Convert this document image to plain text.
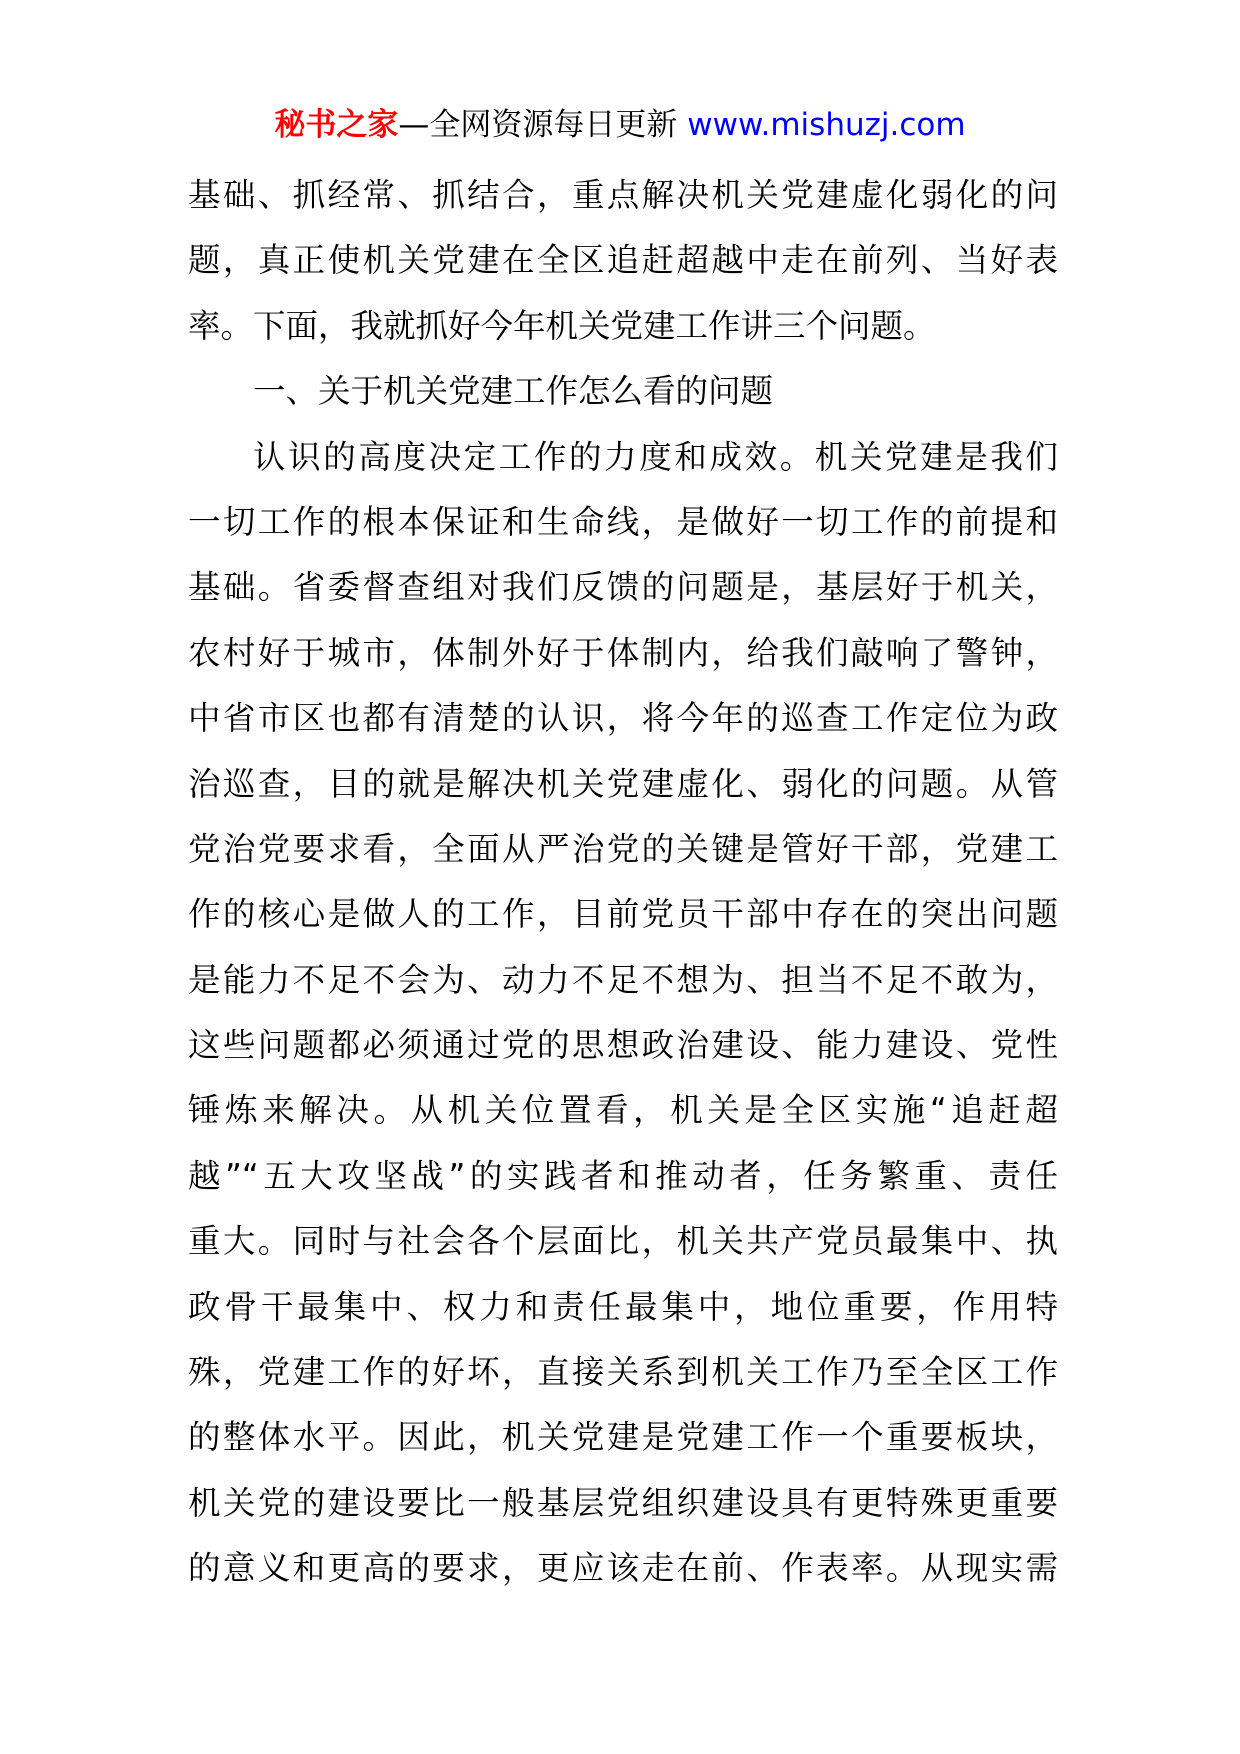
秘书之家—全网资源每日更新 www.mishuzj.com
基础、抓经常、抓结合，重点解决机关党建虚化弱化的问
题，真正使机关党建在全区追赶超越中走在前列、当好表
率。下面，我就抓好今年机关党建工作讲三个问题。
一、关于机关党建工作怎么看的问题
认识的高度决定工作的力度和成效。机关党建是我们
一切工作的根本保证和生命线，是做好一切工作的前提和
基础。省委督查组对我们反馈的问题是，基层好于机关，
农村好于城市，体制外好于体制内，给我们敲响了警钟，
中省市区也都有清楚的认识，将今年的巡查工作定位为政
治巡查，目的就是解决机关党建虚化、弱化的问题。从管
党治党要求看，全面从严治党的关键是管好干部，党建工
作的核心是做人的工作，目前党员干部中存在的突出问题
是能力不足不会为、动力不足不想为、担当不足不敢为，
这些问题都必须通过党的思想政治建设、能力建设、党性
锤炼来解决。从机关位置看，机关是全区实施“追赶超
越”“五大攻坚战”的实践者和推动者，任务繁重、责任
重大。同时与社会各个层面比，机关共产党员最集中、执
政骨干最集中、权力和责任最集中，地位重要，作用特
殊，党建工作的好坏，直接关系到机关工作乃至全区工作
的整体水平。因此，机关党建是党建工作一个重要板块，
机关党的建设要比一般基层党组织建设具有更特殊更重要
的意义和更高的要求，更应该走在前、作表率。从现实需
